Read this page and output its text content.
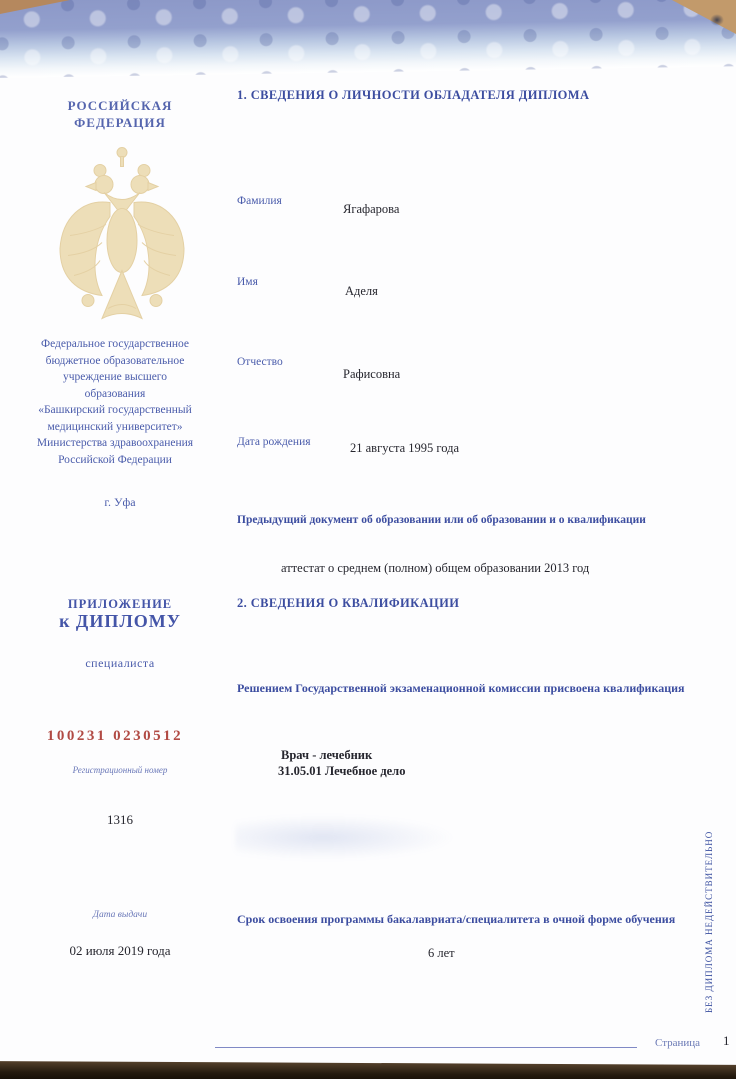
РОССИЙСКАЯ
ФЕДЕРАЦИЯ
Федеральное государственное
бюджетное образовательное
учреждение высшего
образования
«Башкирский государственный
медицинский университет»
Министерства здравоохранения
Российской Федерации
г. Уфа
ПРИЛОЖЕНИЕ
к ДИПЛОМУ
специалиста
100231 0230512
Регистрационный номер
1316
Дата выдачи
02 июля 2019 года
1. СВЕДЕНИЯ О ЛИЧНОСТИ ОБЛАДАТЕЛЯ ДИПЛОМА
Фамилия
Ягафарова
Имя
Аделя
Отчество
Рафисовна
Дата рождения	21 августа 1995 года
Предыдущий документ об образовании или об образовании и о квалификации
аттестат о среднем (полном) общем образовании 2013 год
2. СВЕДЕНИЯ О КВАЛИФИКАЦИИ
Решением Государственной экзаменационной комиссии присвоена квалификация
Врач - лечебник
31.05.01 Лечебное дело
Срок освоения программы бакалавриата/специалитета в очной форме обучения
6 лет	БЕЗ ДИПЛОМА НЕДЕЙСТВИТЕЛЬНО
Страница 1
